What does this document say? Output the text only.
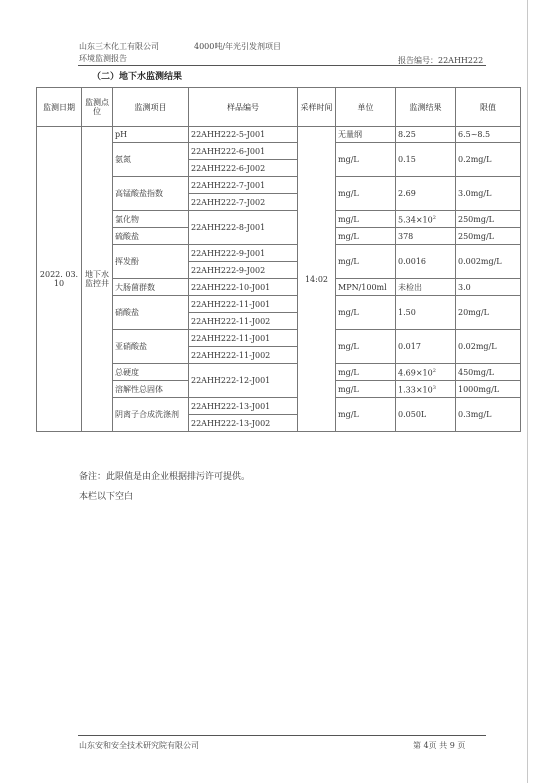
山东三木化工有限公司	4000吨/年光引发剂项目
环境监测报告	报告编号：22AHH222
（二）地下水监测结果
监测日期	监测点位	监测项目	样品编号	采样时间	单位	监测结果	限值
2022. 03. 10	地下水监控井	pH	22AHH222-5-J001	14:02	无量纲	8.25	6.5~8.5
		氨氮	22AHH222-6-J001		mg/L	0.15	0.2mg/L
			22AHH222-6-J002				
		高锰酸盐指数	22AHH222-7-J001		mg/L	2.69	3.0mg/L
			22AHH222-7-J002				
		氯化物	22AHH222-8-J001		mg/L	$5.34\times 10^2$	250mg/L
		硫酸盐			mg/L	378	250mg/L
		挥发酚	22AHH222-9-J001		mg/L	0.0016	0.002mg/L
			22AHH222-9-J002				
		大肠菌群数	22AHH222-10-J001		MPN/100ml	未检出	3.0
		硝酸盐	22AHH222-11-J001		mg/L	1.50	20mg/L
			22AHH222-11-J002				
		亚硝酸盐	22AHH222-11-J001		mg/L	0.017	0.02mg/L
			22AHH222-11-J002				
		总硬度	22AHH222-12-J001		mg/L	$4.69\times 10^2$	450mg/L
		溶解性总固体			mg/L	$1.33\times 10^3$	1000mg/L
		阴离子合成洗涤剂	22AHH222-13-J001		mg/L	0.050L	0.3mg/L
			22AHH222-13-J002				
备注：此限值是由企业根据排污许可提供。
本栏以下空白
山东安和安全技术研究院有限公司	第 4页 共 9 页
